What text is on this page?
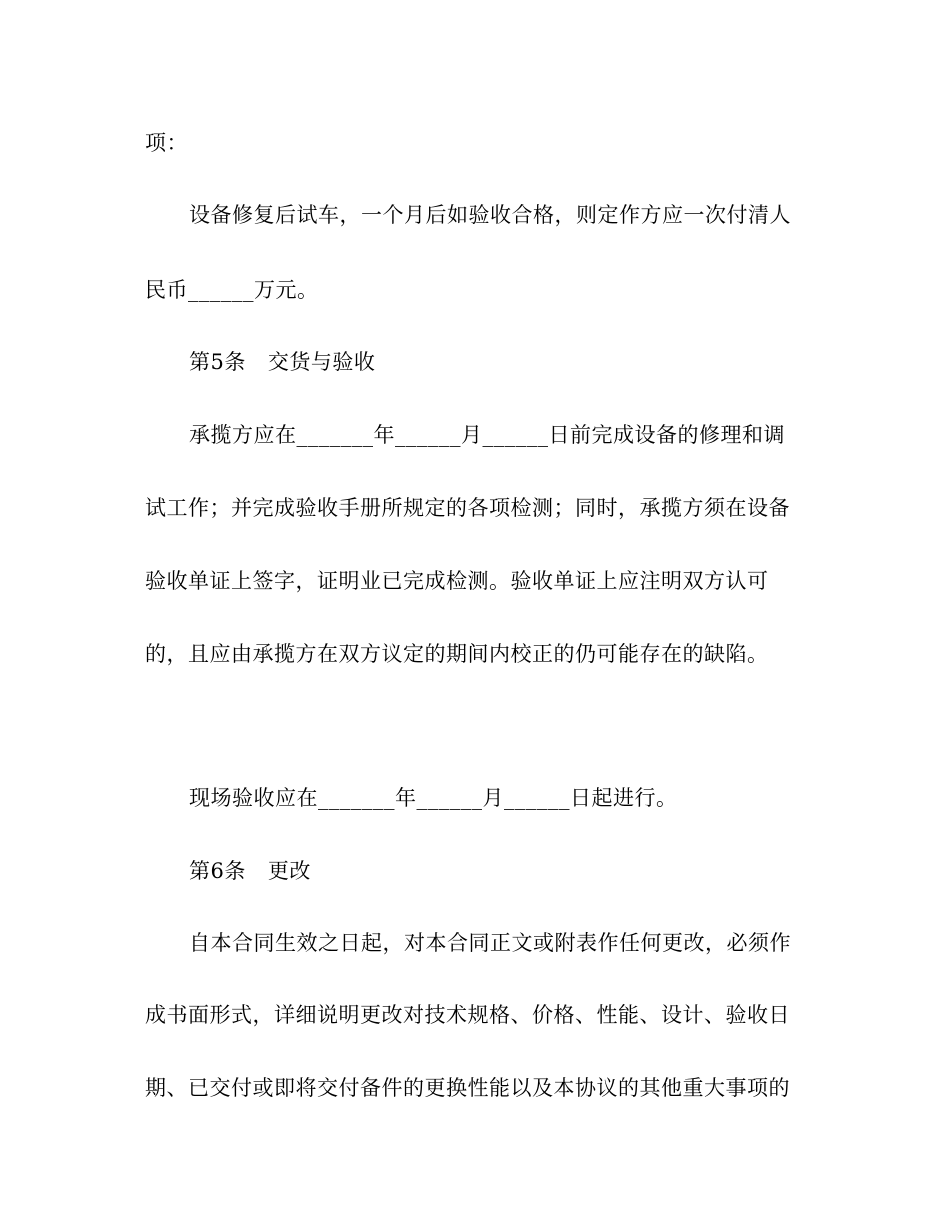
项：
设备修复后试车，一个月后如验收合格，则定作方应一次付清人
民币______万元。
第5条 交货与验收
承揽方应在_______年______月______日前完成设备的修理和调
试工作；并完成验收手册所规定的各项检测；同时，承揽方须在设备
验收单证上签字，证明业已完成检测。验收单证上应注明双方认可
的，且应由承揽方在双方议定的期间内校正的仍可能存在的缺陷。
现场验收应在_______年______月______日起进行。
第6条 更改
自本合同生效之日起，对本合同正文或附表作任何更改，必须作
成书面形式，详细说明更改对技术规格、价格、性能、设计、验收日
期、已交付或即将交付备件的更换性能以及本协议的其他重大事项的
